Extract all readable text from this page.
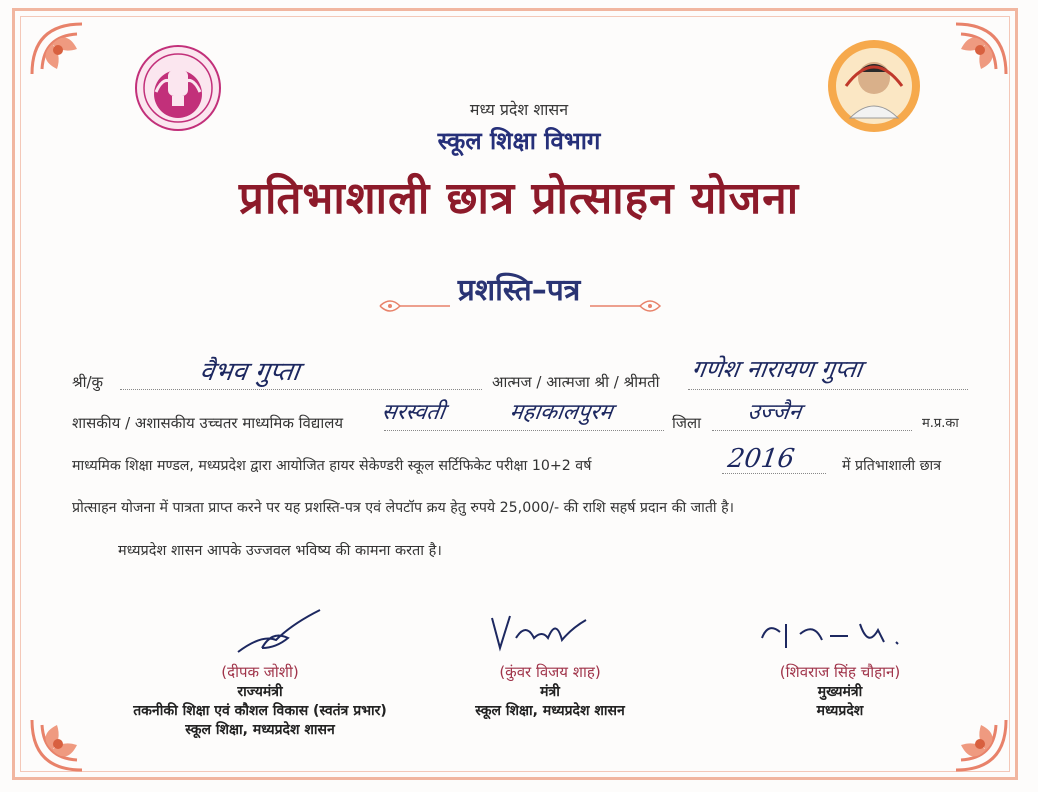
मध्य प्रदेश शासन
स्कूल शिक्षा विभाग
प्रतिभाशाली छात्र प्रोत्साहन योजना
प्रशस्ति–पत्र
श्री/कु	वैभव गुप्ता	आत्मज / आत्मजा श्री / श्रीमती गणेश नारायण गुप्ता
शासकीय / अशासकीय उच्चतर माध्यमिक विद्यालय सरस्वती	महाकालपुरम	जिला उज्जैन	म.प्र.का
माध्यमिक शिक्षा मण्डल, मध्यप्रदेश द्वारा आयोजित हायर सेकेण्डरी स्कूल सर्टिफिकेट परीक्षा 10+2 वर्ष	2016	में प्रतिभाशाली छात्र
प्रोत्साहन योजना में पात्रता प्राप्त करने पर यह प्रशस्ति-पत्र एवं लेपटॉप क्रय हेतु रुपये 25,000/- की राशि सहर्ष प्रदान की जाती है।
मध्यप्रदेश शासन आपके उज्जवल भविष्य की कामना करता है।
(दीपक जोशी)
राज्यमंत्री
तकनीकी शिक्षा एवं कौशल विकास (स्वतंत्र प्रभार)
स्कूल शिक्षा, मध्यप्रदेश शासन
(कुंवर विजय शाह)
मंत्री
स्कूल शिक्षा, मध्यप्रदेश शासन
(शिवराज सिंह चौहान)
मुख्यमंत्री
मध्यप्रदेश
